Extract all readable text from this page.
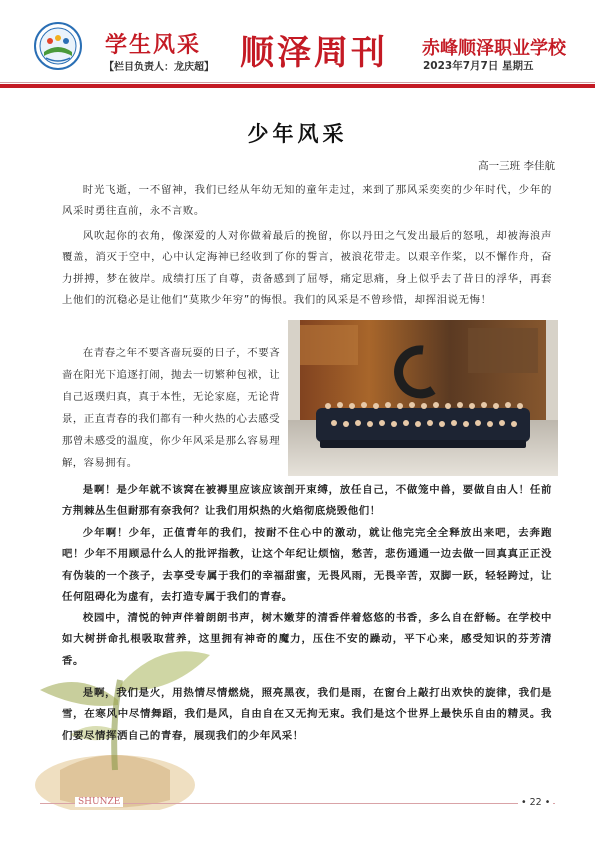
学生风采
【栏目负责人：龙庆超】 顺泽周刊 赤峰顺泽职业学校
2023年7月7日 星期五
少年风采
高一三班 李佳航

时光飞逝，一不留神，我们已经从年幼无知的童年走过，来到了那风采奕奕的少年时代，少年的风采时勇往直前，永不言败。

风吹起你的衣角，像深爱的人对你做着最后的挽留，你以丹田之气发出最后的怒吼，却被海浪声覆盖，消灭于空中，心中认定海神已经收到了你的誓言，被浪花带走。以艰辛作桨，以不懈作舟，奋力拼搏，梦在彼岸。成绩打压了自尊，责备感到了屈辱，痛定思痛，身上似乎去了昔日的浮华，再套上他们的沉稳必是让他们“莫欺少年穷”的悔恨。我们的风采是不曾珍惜，却挥泪说无悔！

在青春之年不要吝啬玩耍的日子，不要吝啬在阳光下追逐打闹，抛去一切繁种包袱，让自己返璞归真，真于本性，无论家庭，无论背景，正直青春的我们都有一种火热的心去感受那曾未感受的温度，你少年风采是那么容易理解，容易拥有。

是啊！是少年就不该窝在被褥里应该应该剖开束缚，放任自己，不做笼中兽，要做自由人！任前方荆棘丛生但耐那有奈我何？让我们用炽热的火焰彻底烧毁他们！

少年啊！少年，正值青年的我们，按耐不住心中的激动，就让他完完全全释放出来吧，去奔跑吧！少年不用顾忌什么人的批评指教，让这个年纪让烦恼，愁苦，悲伤通通一边去做一回真真正正没有伪装的一个孩子，去享受专属于我们的幸福甜蜜，无畏风雨，无畏辛苦，双脚一跃，轻轻跨过，让任何阻碍化为虚有，去打造专属于我们的青春。

校园中，清悦的钟声伴着朗朗书声，树木嫩芽的清香伴着悠悠的书香，多么自在舒畅。在学校中如大树拼命扎根吸取营养，这里拥有神奇的魔力，压住不安的躁动，平下心来，感受知识的芬芳清香。

是啊，我们是火，用热情尽情燃烧，照亮黑夜，我们是雨，在窗台上敲打出欢快的旋律，我们是雪，在寒风中尽情舞蹈，我们是风，自由自在又无拘无束。我们是这个世界上最快乐自由的精灵。我们要尽情挥洒自己的青春，展现我们的少年风采！

SHUNZE	• 22 •
